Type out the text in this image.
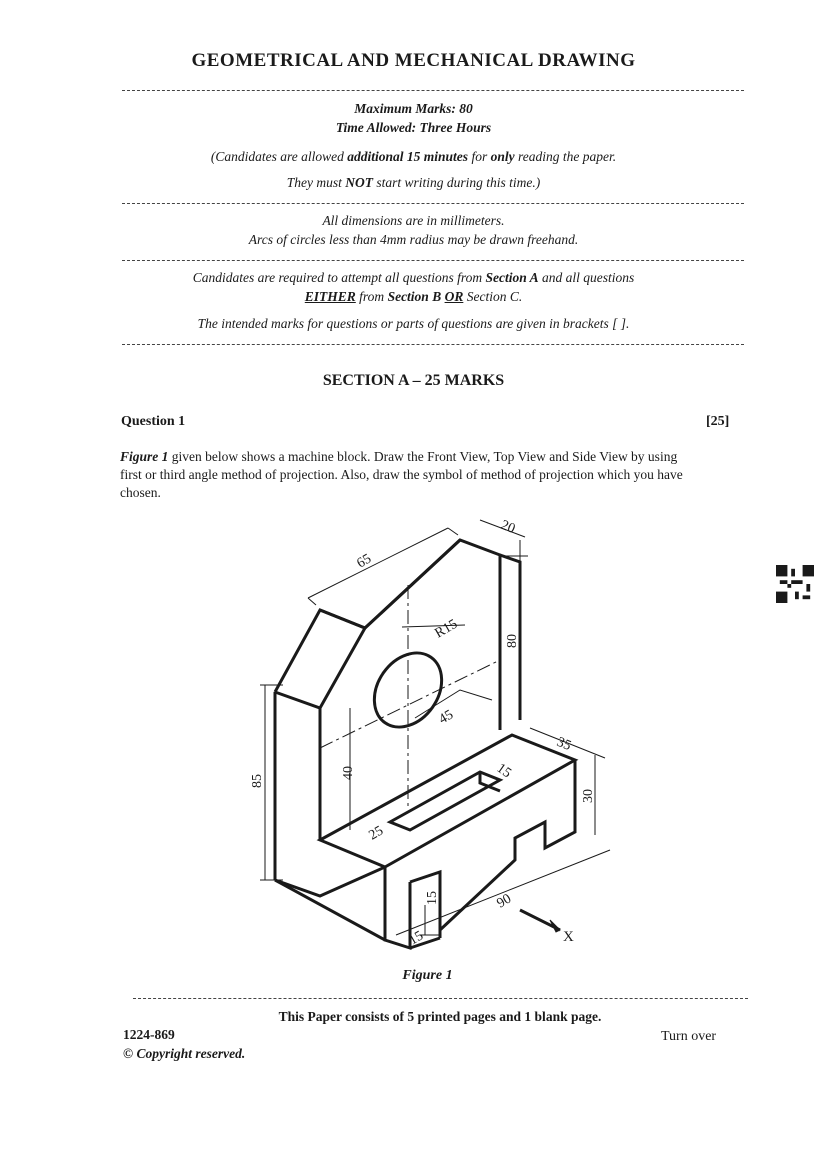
GEOMETRICAL AND MECHANICAL DRAWING
Maximum Marks: 80
Time Allowed: Three Hours
(Candidates are allowed additional 15 minutes for only reading the paper.
They must NOT start writing during this time.)
All dimensions are in millimeters.
Arcs of circles less than 4mm radius may be drawn freehand.
Candidates are required to attempt all questions from Section A and all questions
EITHER from Section B OR Section C.
The intended marks for questions or parts of questions are given in brackets [ ].
SECTION A – 25 MARKS
Question 1	[25]
Figure 1 given below shows a machine block. Draw the Front View, Top View and Side View by using first or third angle method of projection. Also, draw the symbol of method of projection which you have chosen.
20
65
80
R15
45
35
40
85	15
30
25
90
15
15	X
Figure 1
This Paper consists of 5 printed pages and 1 blank page.
1224-869
© Copyright reserved.
Turn over
